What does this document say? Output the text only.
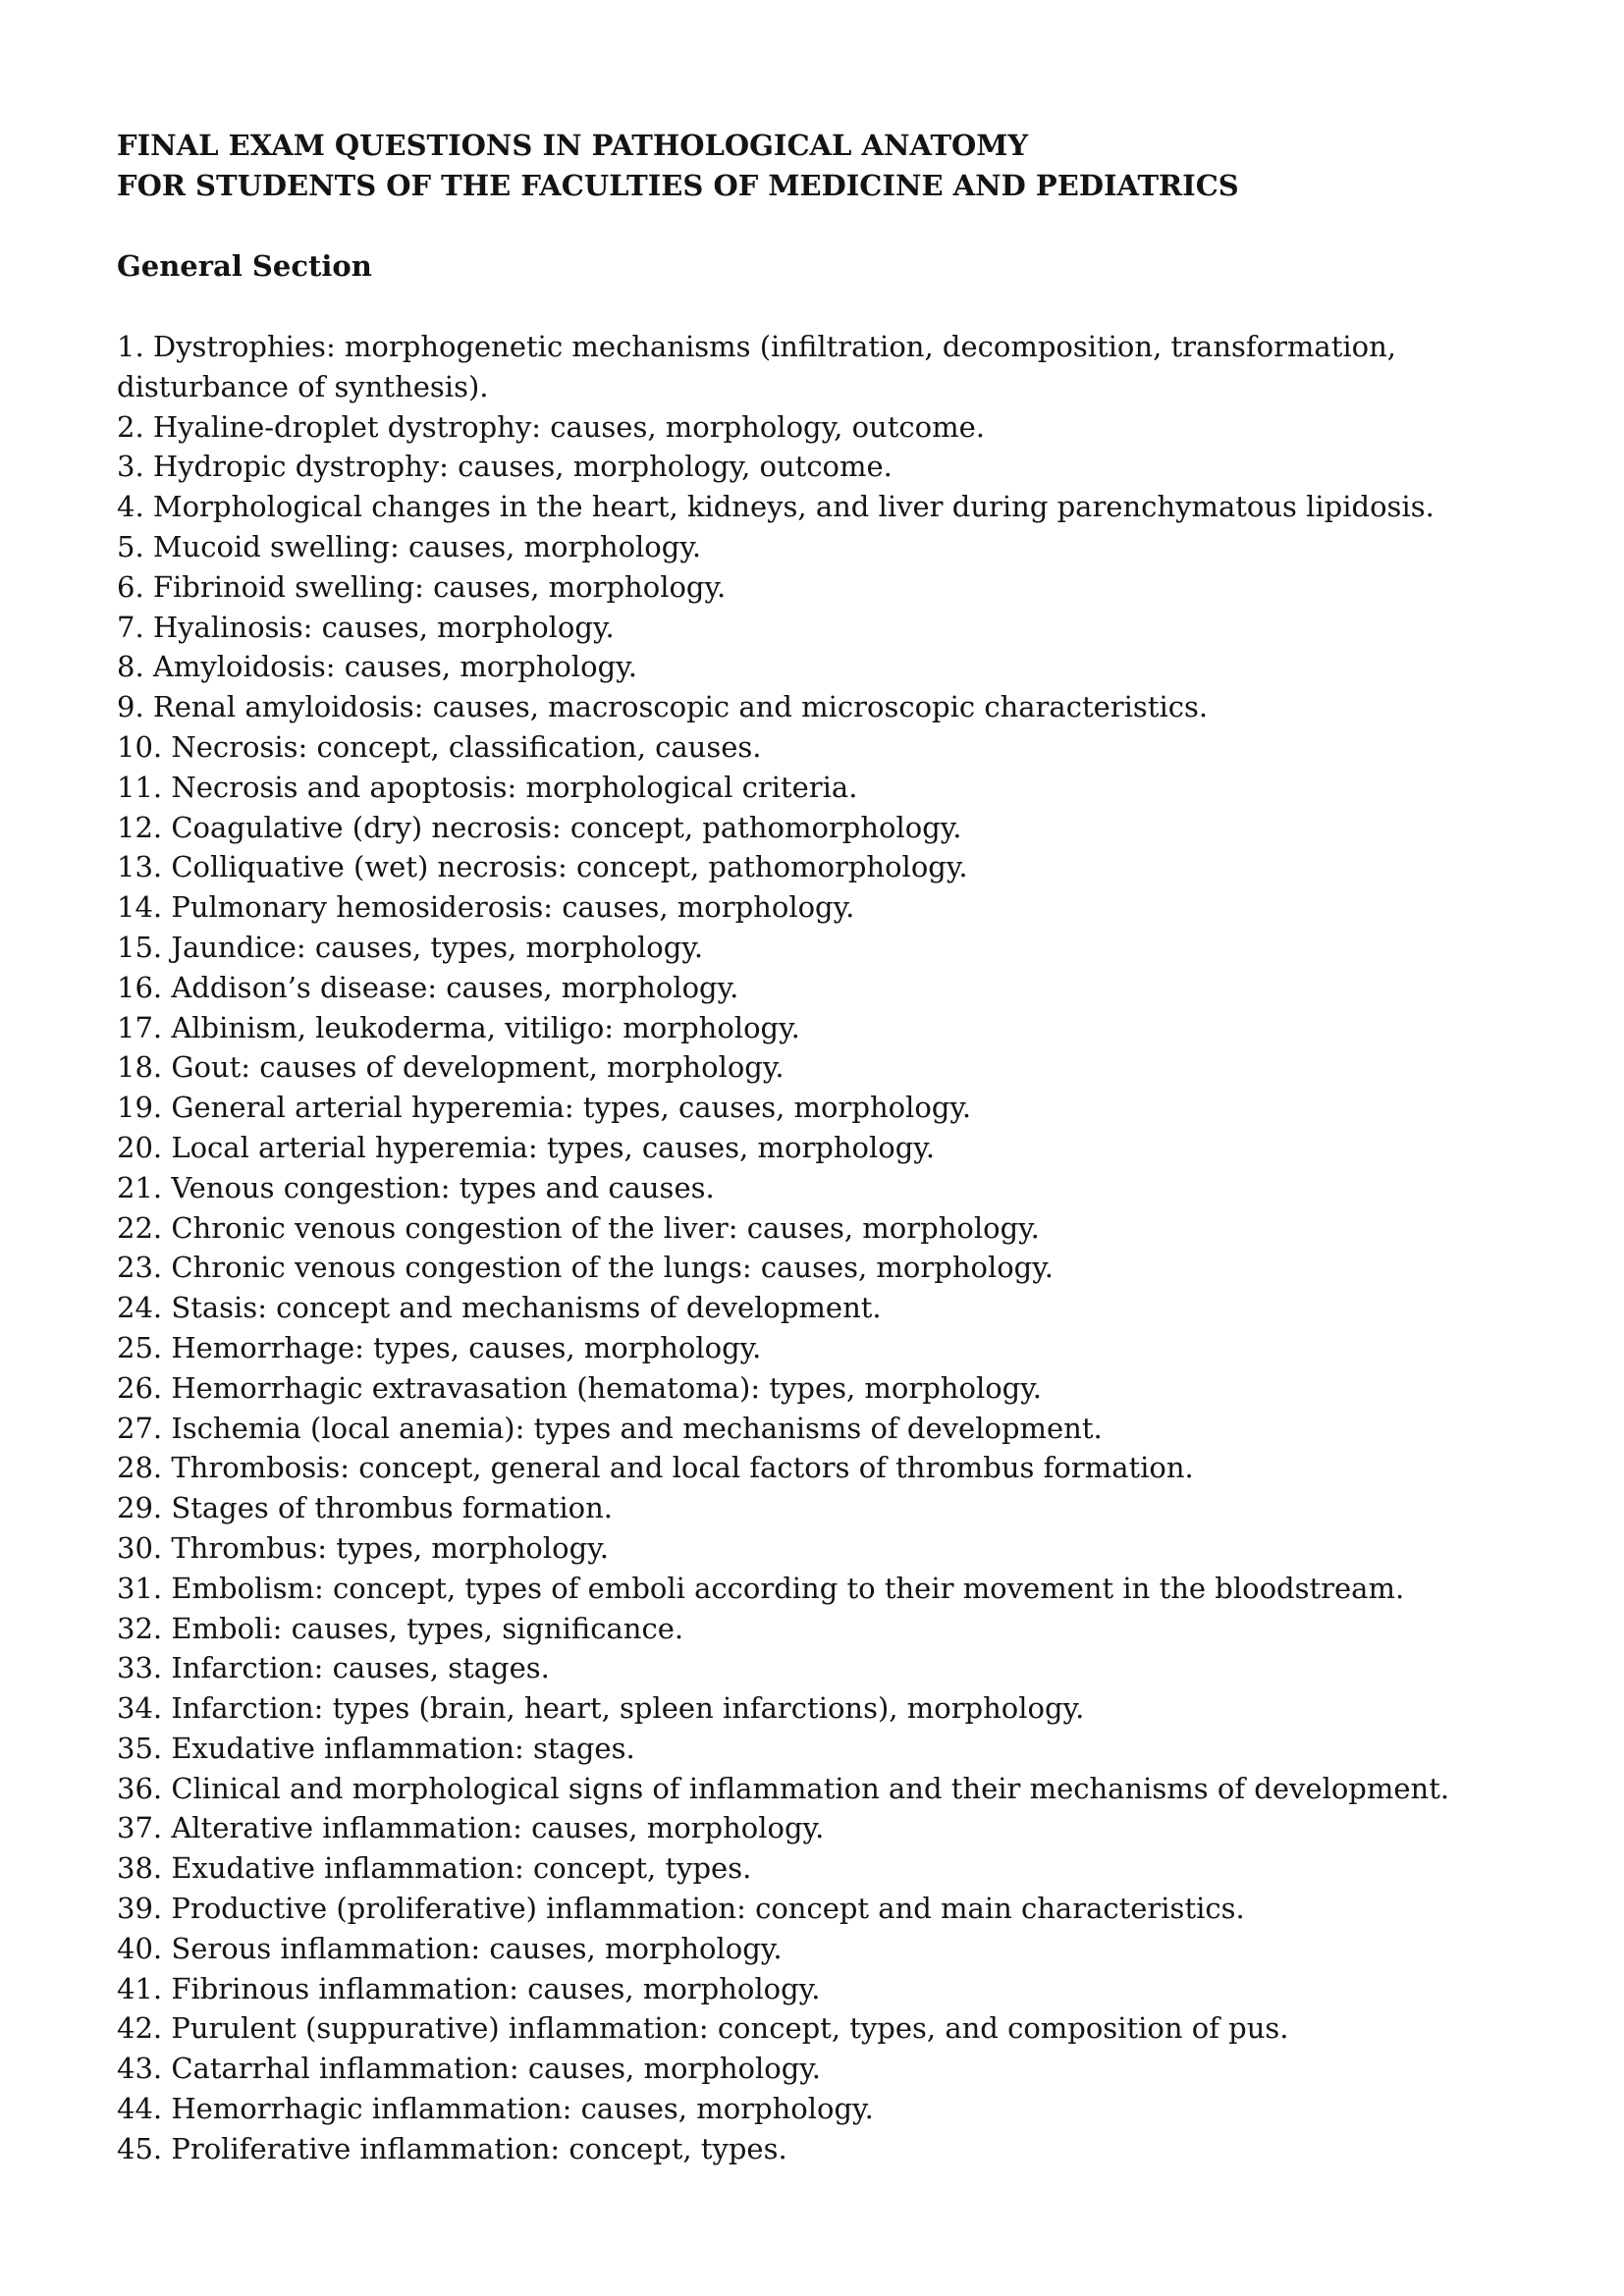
FINAL EXAM QUESTIONS IN PATHOLOGICAL ANATOMY

FOR STUDENTS OF THE FACULTIES OF MEDICINE AND PEDIATRICS

General Section

1. Dystrophies: morphogenetic mechanisms (infiltration, decomposition, transformation, disturbance of synthesis).
2. Hyaline-droplet dystrophy: causes, morphology, outcome.
3. Hydropic dystrophy: causes, morphology, outcome.
4. Morphological changes in the heart, kidneys, and liver during parenchymatous lipidosis.
5. Mucoid swelling: causes, morphology.
6. Fibrinoid swelling: causes, morphology.
7. Hyalinosis: causes, morphology.
8. Amyloidosis: causes, morphology.
9. Renal amyloidosis: causes, macroscopic and microscopic characteristics.
10. Necrosis: concept, classification, causes.
11. Necrosis and apoptosis: morphological criteria.
12. Coagulative (dry) necrosis: concept, pathomorphology.
13. Colliquative (wet) necrosis: concept, pathomorphology.
14. Pulmonary hemosiderosis: causes, morphology.
15. Jaundice: causes, types, morphology.
16. Addison’s disease: causes, morphology.
17. Albinism, leukoderma, vitiligo: morphology.
18. Gout: causes of development, morphology.
19. General arterial hyperemia: types, causes, morphology.
20. Local arterial hyperemia: types, causes, morphology.
21. Venous congestion: types and causes.
22. Chronic venous congestion of the liver: causes, morphology.
23. Chronic venous congestion of the lungs: causes, morphology.
24. Stasis: concept and mechanisms of development.
25. Hemorrhage: types, causes, morphology.
26. Hemorrhagic extravasation (hematoma): types, morphology.
27. Ischemia (local anemia): types and mechanisms of development.
28. Thrombosis: concept, general and local factors of thrombus formation.
29. Stages of thrombus formation.
30. Thrombus: types, morphology.
31. Embolism: concept, types of emboli according to their movement in the bloodstream.
32. Emboli: causes, types, significance.
33. Infarction: causes, stages.
34. Infarction: types (brain, heart, spleen infarctions), morphology.
35. Exudative inflammation: stages.
36. Clinical and morphological signs of inflammation and their mechanisms of development.
37. Alterative inflammation: causes, morphology.
38. Exudative inflammation: concept, types.
39. Productive (proliferative) inflammation: concept and main characteristics.
40. Serous inflammation: causes, morphology.
41. Fibrinous inflammation: causes, morphology.
42. Purulent (suppurative) inflammation: concept, types, and composition of pus.
43. Catarrhal inflammation: causes, morphology.
44. Hemorrhagic inflammation: causes, morphology.
45. Proliferative inflammation: concept, types.
